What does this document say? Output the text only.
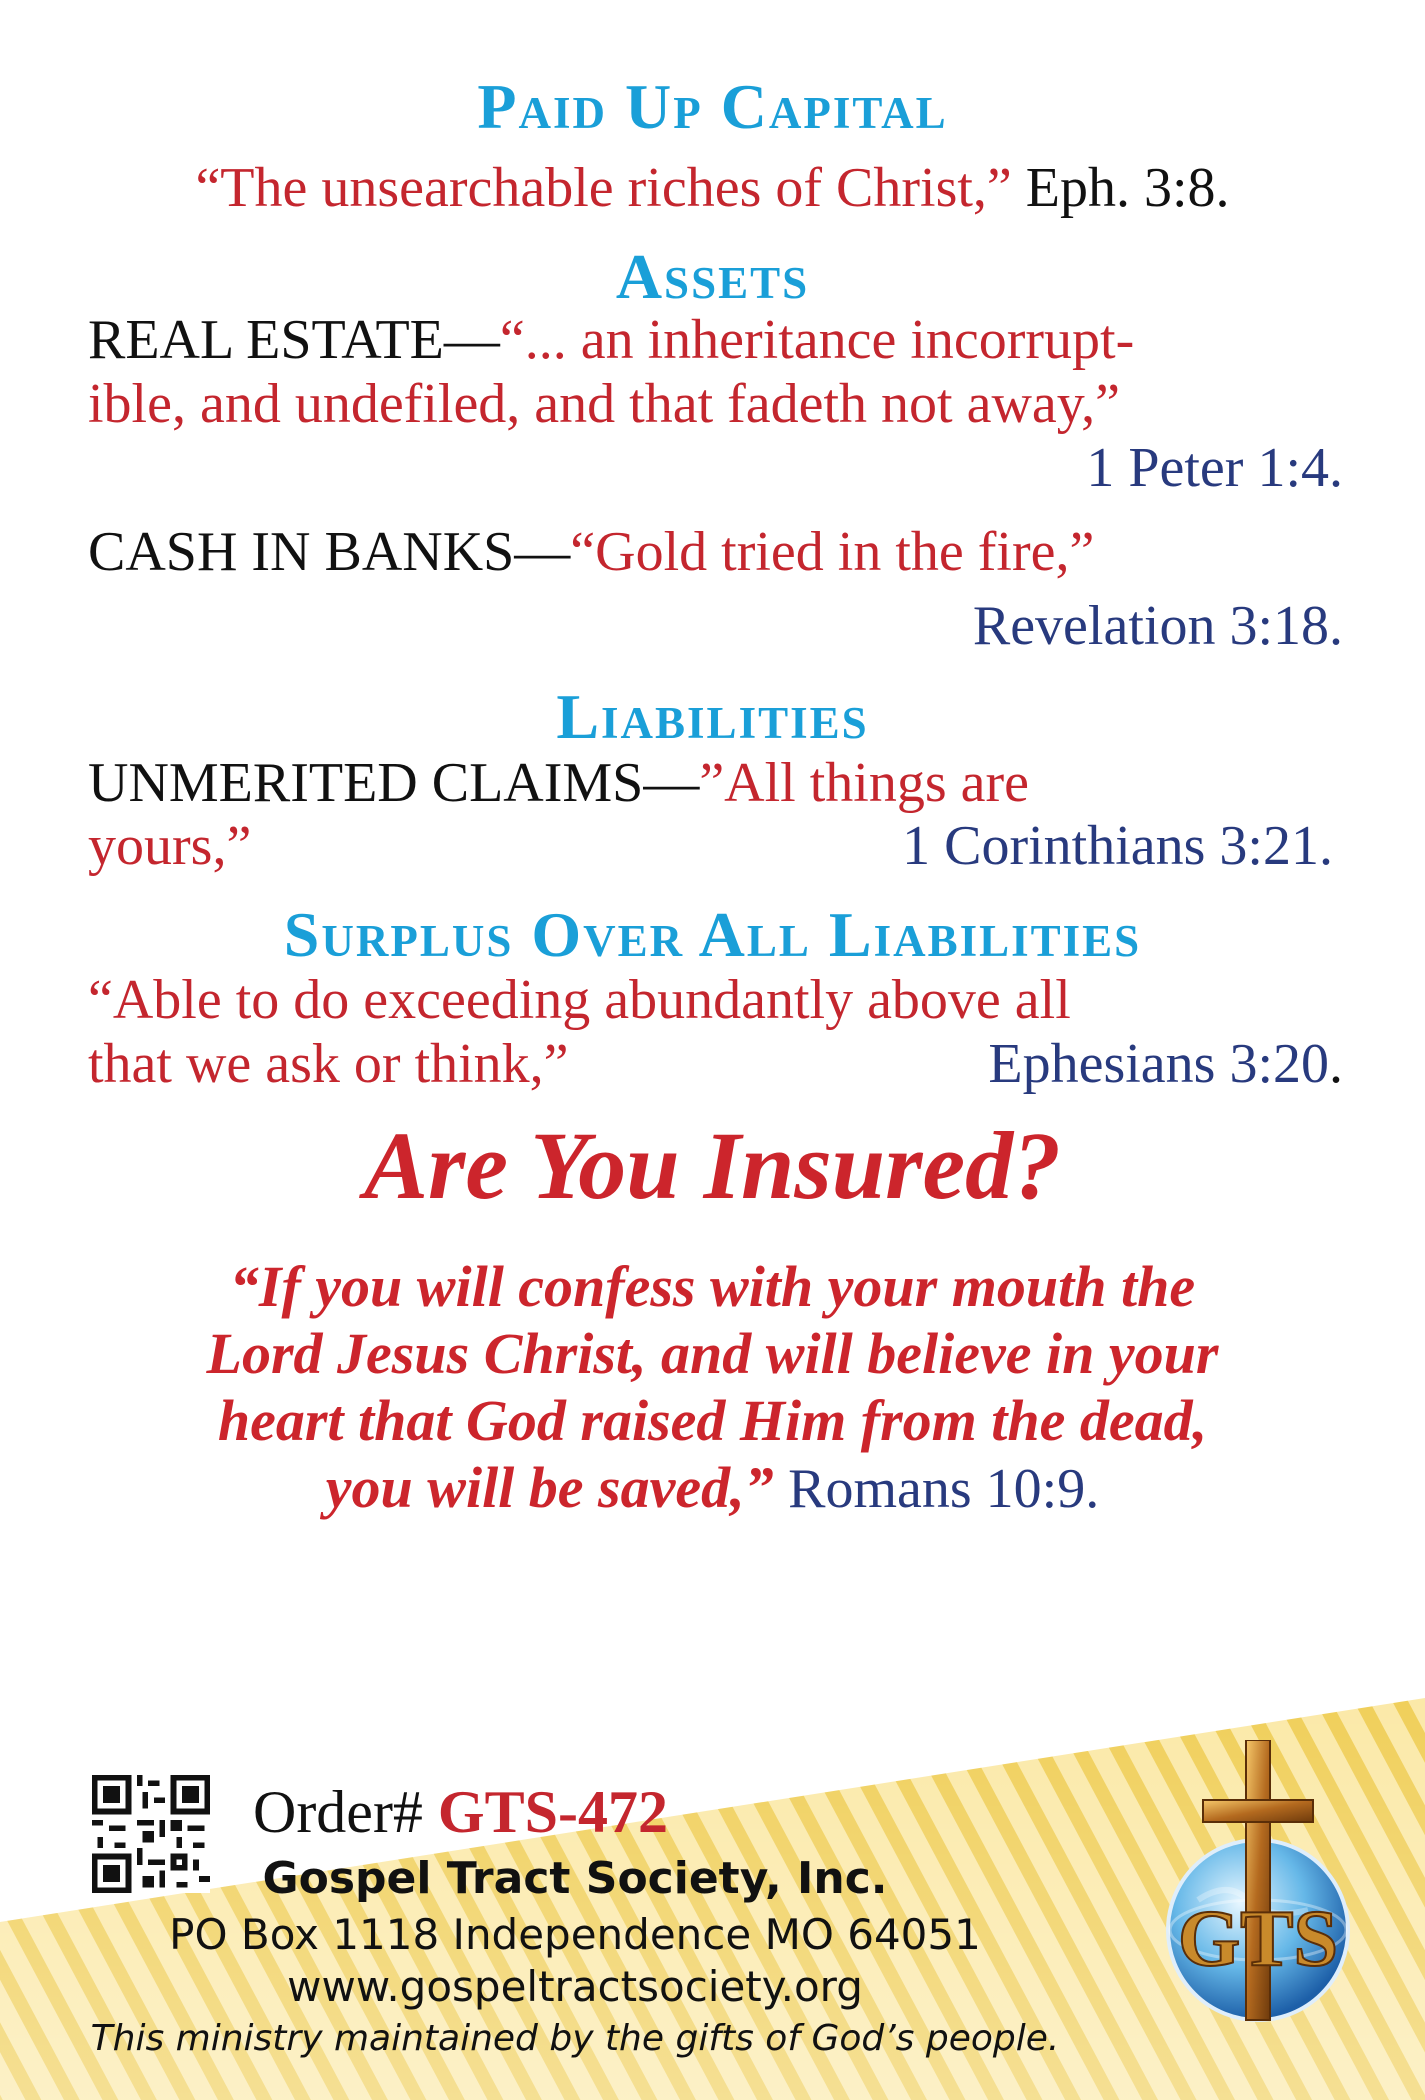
Paid Up Capital
“The unsearchable riches of Christ,” Eph. 3:8.
Assets
REAL ESTATE—“... an inheritance incorrupt-
ible, and undefiled, and that fadeth not away,”
1 Peter 1:4.
CASH IN BANKS—“Gold tried in the fire,”
Revelation 3:18.
Liabilities
UNMERITED CLAIMS—”All things are
yours,”	1 Corinthians 3:21.
Surplus Over All Liabilities
“Able to do exceeding abundantly above all
that we ask or think,”	Ephesians 3:20.
Are You Insured?
“If you will confess with your mouth the
Lord Jesus Christ, and will believe in your
heart that God raised Him from the dead,
you will be saved,” Romans 10:9.
Order# GTS-472
Gospel Tract Society, Inc.
PO Box 1118 Independence MO 64051
www.gospeltractsociety.org
This ministry maintained by the gifts of God’s people.
GTS
